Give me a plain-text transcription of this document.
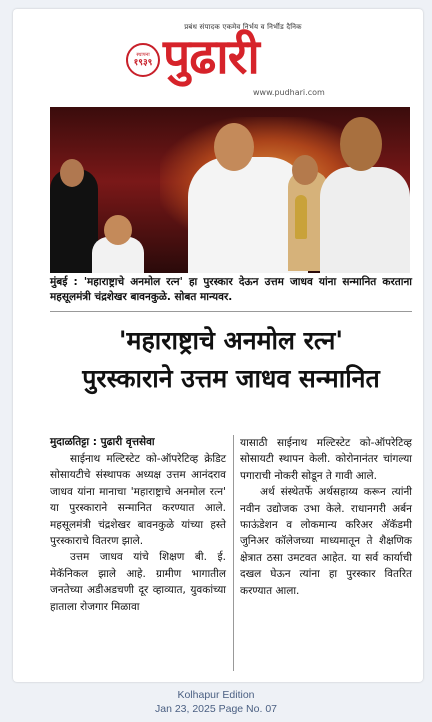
प्रबंध संपादक एकमेव निर्भय व निर्भीड दैनिक
स्थापना
१९३९ पुढारी
www.pudhari.com
मुंबई : 'महाराष्ट्राचे अनमोल रत्न' हा पुरस्कार देऊन उत्तम जाधव यांना सन्मानित करताना महसूलमंत्री चंद्रशेखर बावनकुळे. सोबत मान्यवर.
'महाराष्ट्राचे अनमोल रत्न'
पुरस्काराने उत्तम जाधव सन्मानित
मुदाळतिट्टा : पुढारी वृत्तसेवा

साईनाथ मल्टिस्टेट को-ऑपरेटिव्ह क्रेडिट सोसायटीचे संस्थापक अध्यक्ष उत्तम आनंदराव जाधव यांना मानाचा 'महाराष्ट्राचे अनमोल रत्न' या पुरस्काराने सन्मानित करण्यात आले. महसूलमंत्री चंद्रशेखर बावनकुळे यांच्या हस्ते पुरस्काराचे वितरण झाले.

उत्तम जाधव यांचे शिक्षण बी. ई. मेकॅनिकल झाले आहे. ग्रामीण भागातील जनतेच्या अडीअडचणी दूर व्हाव्यात, युवकांच्या हाताला रोजगार मिळावा

यासाठी साईनाथ मल्टिस्टेट को-ऑपरेटिव्ह सोसायटी स्थापन केली. कोरोनानंतर चांगल्या पगाराची नोकरी सोडून ते गावी आले.

अर्थ संस्थेतर्फे अर्थसहाय्य करून त्यांनी नवीन उद्योजक उभा केले. राधानगरी अर्बन फाऊंडेशन व लोकमान्य करिअर अ‍ॅकॅडमी जुनिअर कॉलेजच्या माध्यमातून ते शैक्षणिक क्षेत्रात ठसा उमटवत आहेत. या सर्व कार्याची दखल घेऊन त्यांना हा पुरस्कार वितरित करण्यात आला.

Kolhapur Edition
Jan 23, 2025 Page No. 07
